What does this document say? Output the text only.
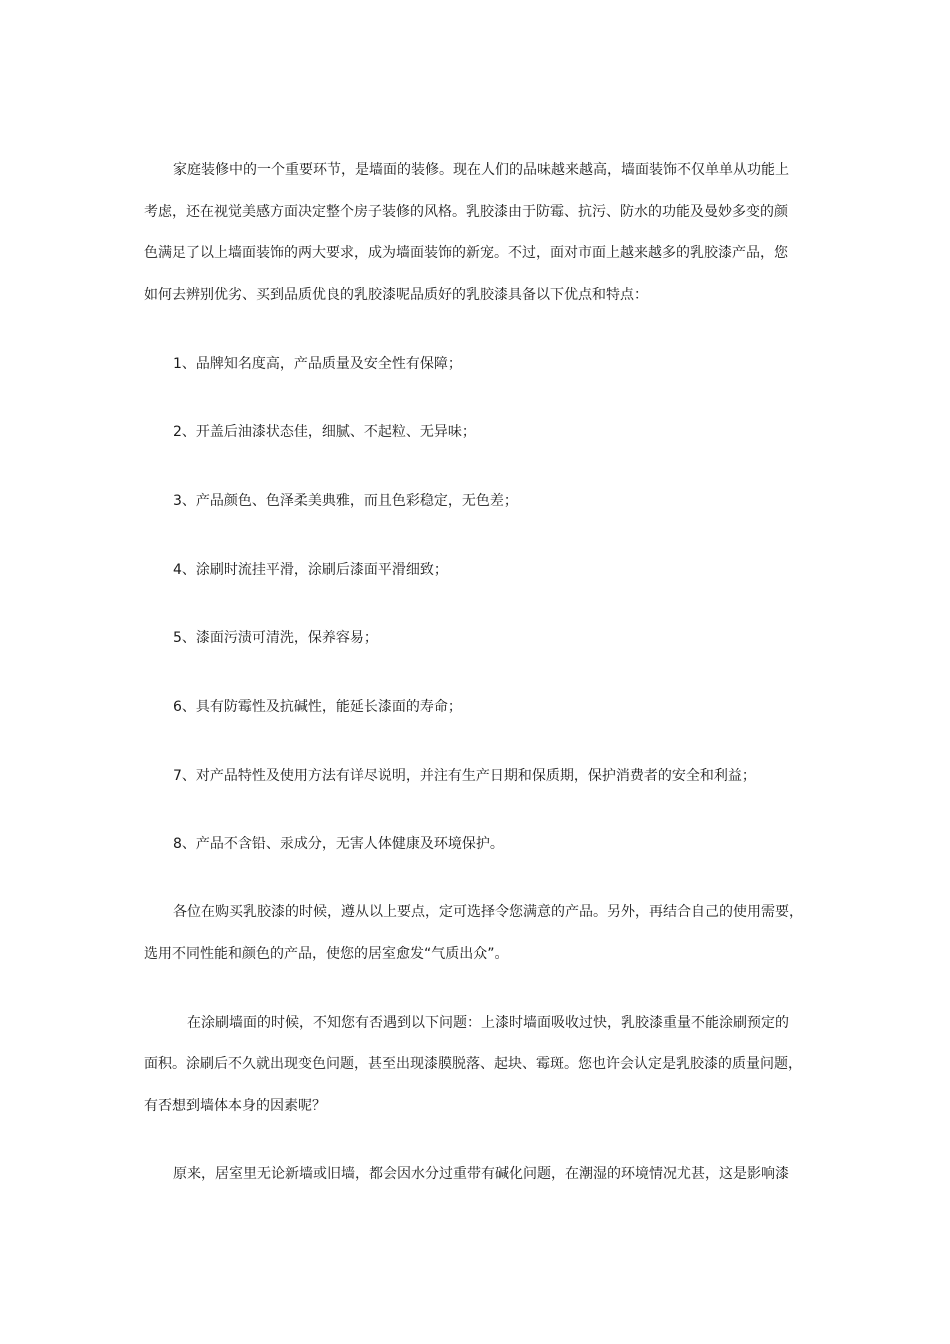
家庭装修中的一个重要环节，是墙面的装修。现在人们的品味越来越高，墙面装饰不仅单单从功能上
考虑，还在视觉美感方面决定整个房子装修的风格。乳胶漆由于防霉、抗污、防水的功能及曼妙多变的颜
色满足了以上墙面装饰的两大要求，成为墙面装饰的新宠。不过，面对市面上越来越多的乳胶漆产品，您
如何去辨别优劣、买到品质优良的乳胶漆呢品质好的乳胶漆具备以下优点和特点：
1、品牌知名度高，产品质量及安全性有保障；
2、开盖后油漆状态佳，细腻、不起粒、无异味；
3、产品颜色、色泽柔美典雅，而且色彩稳定，无色差；
4、涂刷时流挂平滑，涂刷后漆面平滑细致；
5、漆面污渍可清洗，保养容易；
6、具有防霉性及抗碱性，能延长漆面的寿命；
7、对产品特性及使用方法有详尽说明，并注有生产日期和保质期，保护消费者的安全和利益；
8、产品不含铅、汞成分，无害人体健康及环境保护。
各位在购买乳胶漆的时候，遵从以上要点，定可选择令您满意的产品。另外，再结合自己的使用需要，
选用不同性能和颜色的产品，使您的居室愈发“气质出众”。
在涂刷墙面的时候，不知您有否遇到以下问题：上漆时墙面吸收过快，乳胶漆重量不能涂刷预定的
面积。涂刷后不久就出现变色问题，甚至出现漆膜脱落、起块、霉斑。您也许会认定是乳胶漆的质量问题，
有否想到墙体本身的因素呢？
原来，居室里无论新墙或旧墙，都会因水分过重带有碱化问题，在潮湿的环境情况尤甚，这是影响漆
